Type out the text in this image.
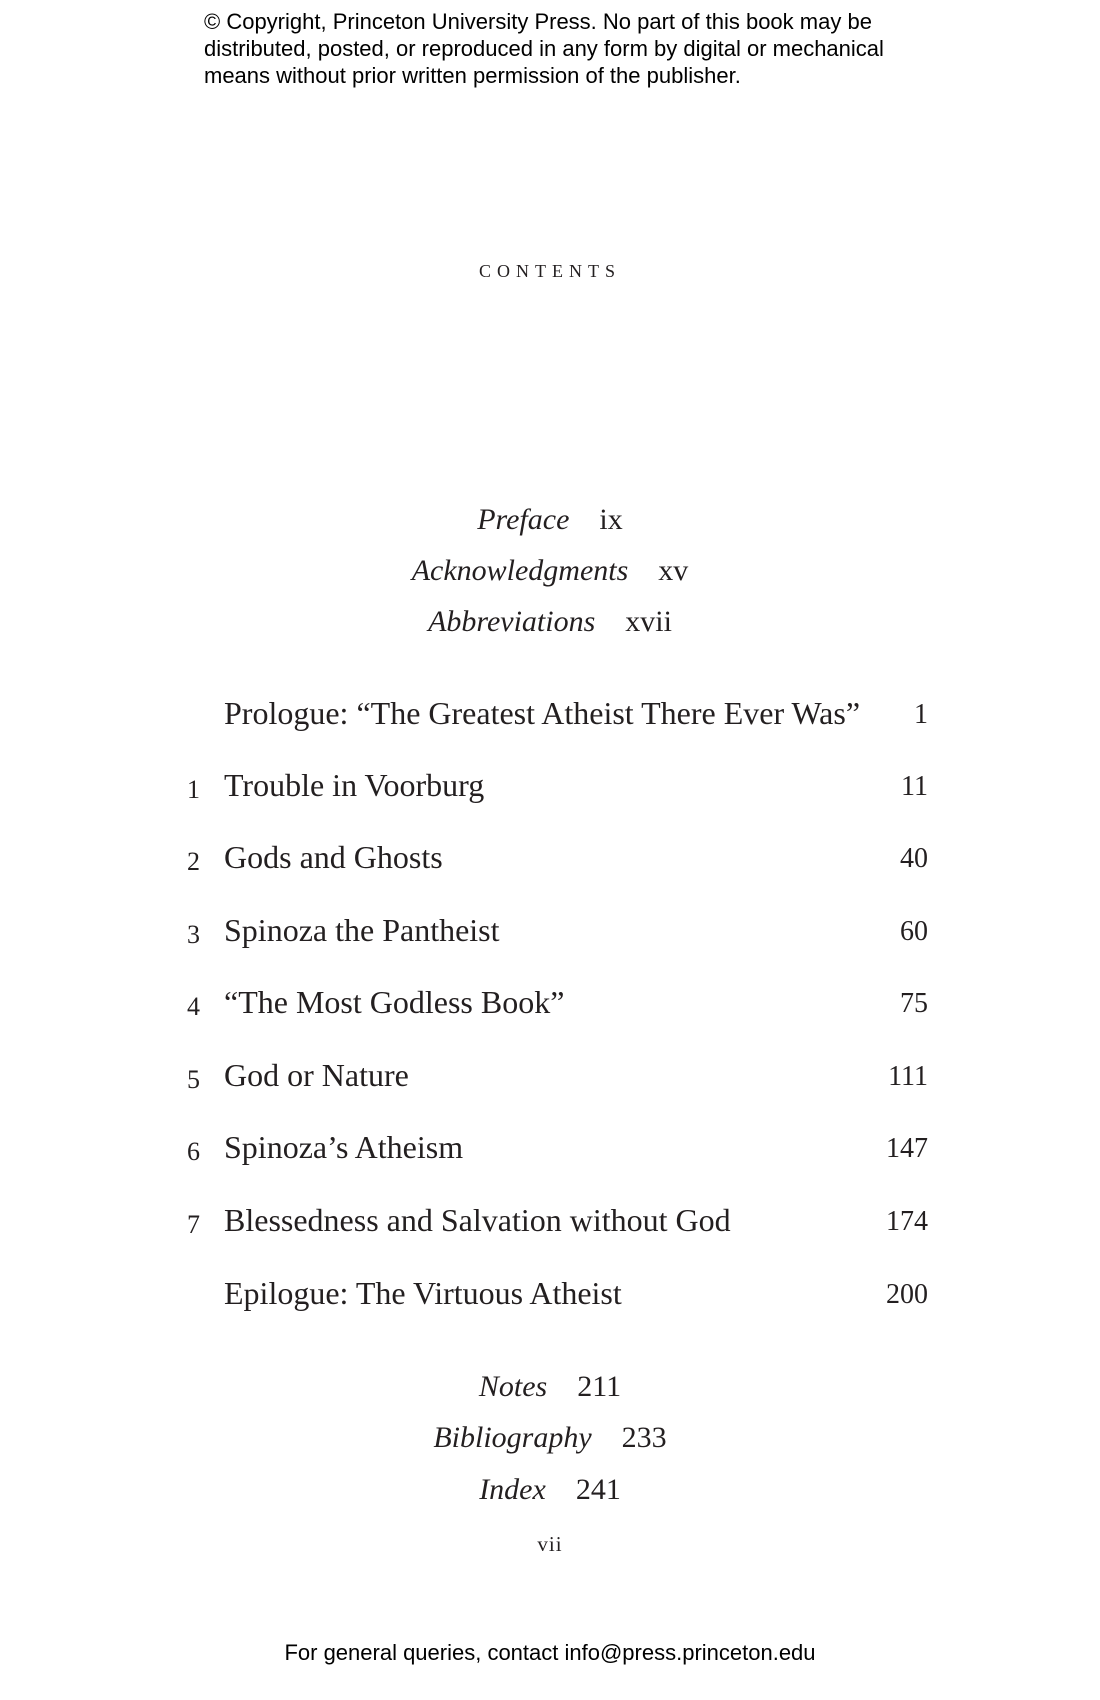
© Copyright, Princeton University Press. No part of this book may be
distributed, posted, or reproduced in any form by digital or mechanical
means without prior written permission of the publisher.
contents
Preface ix
Acknowledgments xv
Abbreviations xvii
Prologue: “The Greatest Atheist There Ever Was” 1
1 Trouble in Voorburg	11
2 Gods and Ghosts	40
3 Spinoza the Pantheist	60
4 “The Most Godless Book”	75
5 God or Nature	111
6 Spinoza’s Atheism	147
7 Blessedness and Salvation without God	174
Epilogue: The Virtuous Atheist	200
Notes 211
Bibliography 233
Index 241
vii
For general queries, contact info@press.princeton.edu
